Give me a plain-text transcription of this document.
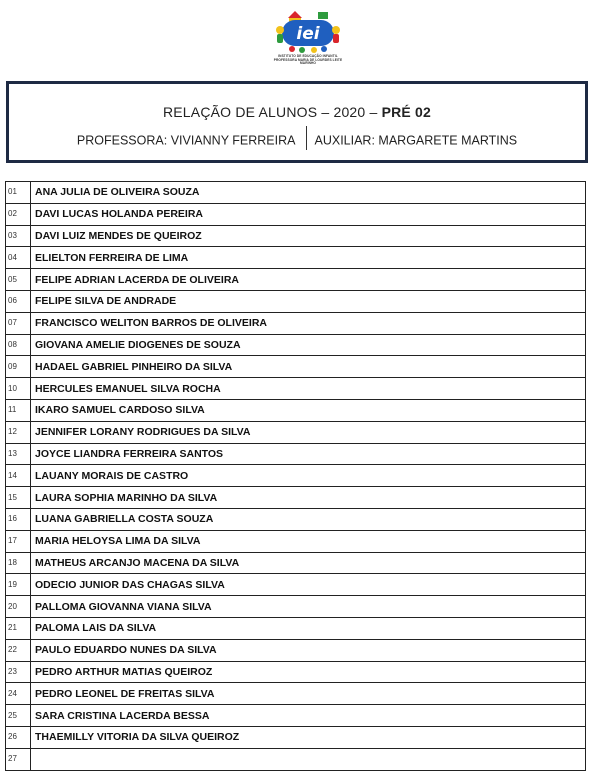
iei
INSTITUTO DE EDUCAÇÃO INFANTIL PROFESSORA MARIA DE LOURDES LEITE MARINHO
RELAÇÃO DE ALUNOS – 2020 – PRÉ 02
PROFESSORA: VIVIANNY FERREIRA AUXILIAR: MARGARETE MARTINS
01	ANA JULIA DE OLIVEIRA SOUZA
02	DAVI LUCAS HOLANDA PEREIRA
03	DAVI LUIZ MENDES DE QUEIROZ
04	ELIELTON FERREIRA DE LIMA
05	FELIPE ADRIAN LACERDA DE OLIVEIRA
06	FELIPE SILVA DE ANDRADE
07	FRANCISCO WELITON BARROS DE OLIVEIRA
08	GIOVANA AMELIE DIOGENES DE SOUZA
09	HADAEL GABRIEL PINHEIRO DA SILVA
10	HERCULES EMANUEL SILVA ROCHA
11	IKARO SAMUEL CARDOSO SILVA
12	JENNIFER LORANY RODRIGUES DA SILVA
13	JOYCE LIANDRA FERREIRA SANTOS
14	LAUANY MORAIS DE CASTRO
15	LAURA SOPHIA MARINHO DA SILVA
16	LUANA GABRIELLA COSTA SOUZA
17	MARIA HELOYSA LIMA DA SILVA
18	MATHEUS ARCANJO MACENA DA SILVA
19	ODECIO JUNIOR DAS CHAGAS SILVA
20	PALLOMA GIOVANNA VIANA SILVA
21	PALOMA LAIS DA SILVA
22	PAULO EDUARDO NUNES DA SILVA
23	PEDRO ARTHUR MATIAS QUEIROZ
24	PEDRO LEONEL DE FREITAS SILVA
25	SARA CRISTINA LACERDA BESSA
26	THAEMILLY VITORIA DA SILVA QUEIROZ
27	
